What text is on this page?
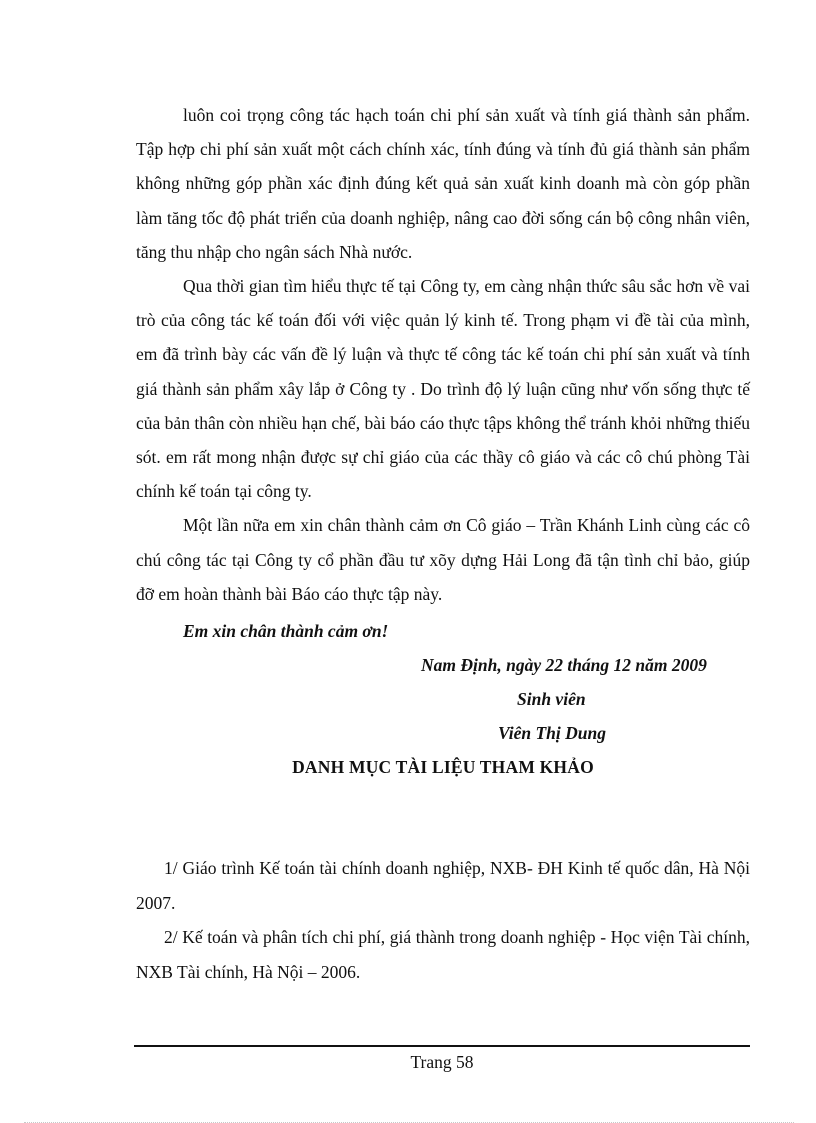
luôn coi trọng công tác hạch toán chi phí sản xuất và tính giá thành sản phẩm. Tập hợp chi phí sản xuất một cách chính xác, tính đúng và tính đủ giá thành sản phẩm không những góp phần xác định đúng kết quả sản xuất kinh doanh mà còn góp phần làm tăng tốc độ phát triển của doanh nghiệp, nâng cao đời sống cán bộ công nhân viên, tăng thu nhập cho ngân sách Nhà nước.

Qua thời gian tìm hiểu thực tế tại Công ty, em càng nhận thức sâu sắc hơn về vai trò của công tác kế toán đối với việc quản lý kinh tế. Trong phạm vi đề tài của mình, em đã trình bày các vấn đề lý luận và thực tế công tác kế toán chi phí sản xuất và tính giá thành sản phẩm xây lắp ở Công ty . Do trình độ lý luận cũng như vốn sống thực tế của bản thân còn nhiều hạn chế, bài báo cáo thực tậps không thể tránh khỏi những thiếu sót. em rất mong nhận được sự chỉ giáo của các thầy cô giáo và các cô chú phòng Tài chính kế toán tại công ty.

Một lần nữa em xin chân thành cảm ơn Cô giáo – Trần Khánh Linh cùng các cô chú công tác tại Công ty cổ phần đầu tư xõy dựng Hải Long đã tận tình chỉ bảo, giúp đỡ em hoàn thành bài Báo cáo thực tập này.

Em xin chân thành cảm ơn!
Nam Định, ngày 22 tháng 12 năm 2009
Sinh viên
Viên Thị Dung
DANH MỤC TÀI LIỆU THAM KHẢO

1/ Giáo trình Kế toán tài chính doanh nghiệp, NXB- ĐH Kinh tế quốc dân, Hà Nội 2007.

2/ Kế toán và phân tích chi phí, giá thành trong doanh nghiệp - Học viện Tài chính, NXB Tài chính, Hà Nội – 2006.

Trang 58
